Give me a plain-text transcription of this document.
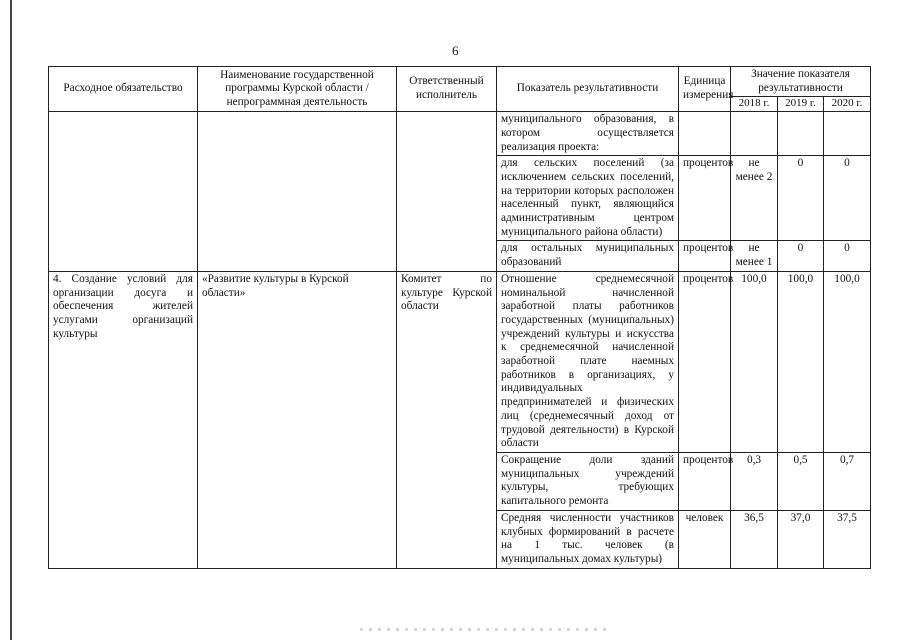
6
Расходное обязательство	Наименование государственной программы Курской области / непрограммная деятельность	Ответственный исполнитель	Показатель результативности	Единица измерения	Значение показателя результативности		
					2018 г.	2019 г.	2020 г.
			муниципального образования, в котором осуществляется реализация проекта:				
			для сельских поселений (за исключением сельских поселений, на территории которых расположен населенный пункт, являющийся административным центром муниципального района области)	процентов	не менее 2	0	0
			для остальных муниципальных образований	процентов	не менее 1	0	0
4. Создание условий для организации досуга и обеспечения жителей услугами организаций культуры	«Развитие культуры в Курской области»	Комитет по культуре Курской области	Отношение среднемесячной номинальной начисленной заработной платы работников государственных (муниципальных) учреждений культуры и искусства к среднемесячной начисленной заработной плате наемных работников в организациях, у индивидуальных предпринимателей и физических лиц (среднемесячный доход от трудовой деятельности) в Курской области	процентов	100,0	100,0	100,0
			Сокращение доли зданий муниципальных учреждений культуры, требующих капитального ремонта	процентов	0,3	0,5	0,7
			Средняя численности участников клубных формирований в расчете на 1 тыс. человек (в муниципальных домах культуры)	человек	36,5	37,0	37,5
